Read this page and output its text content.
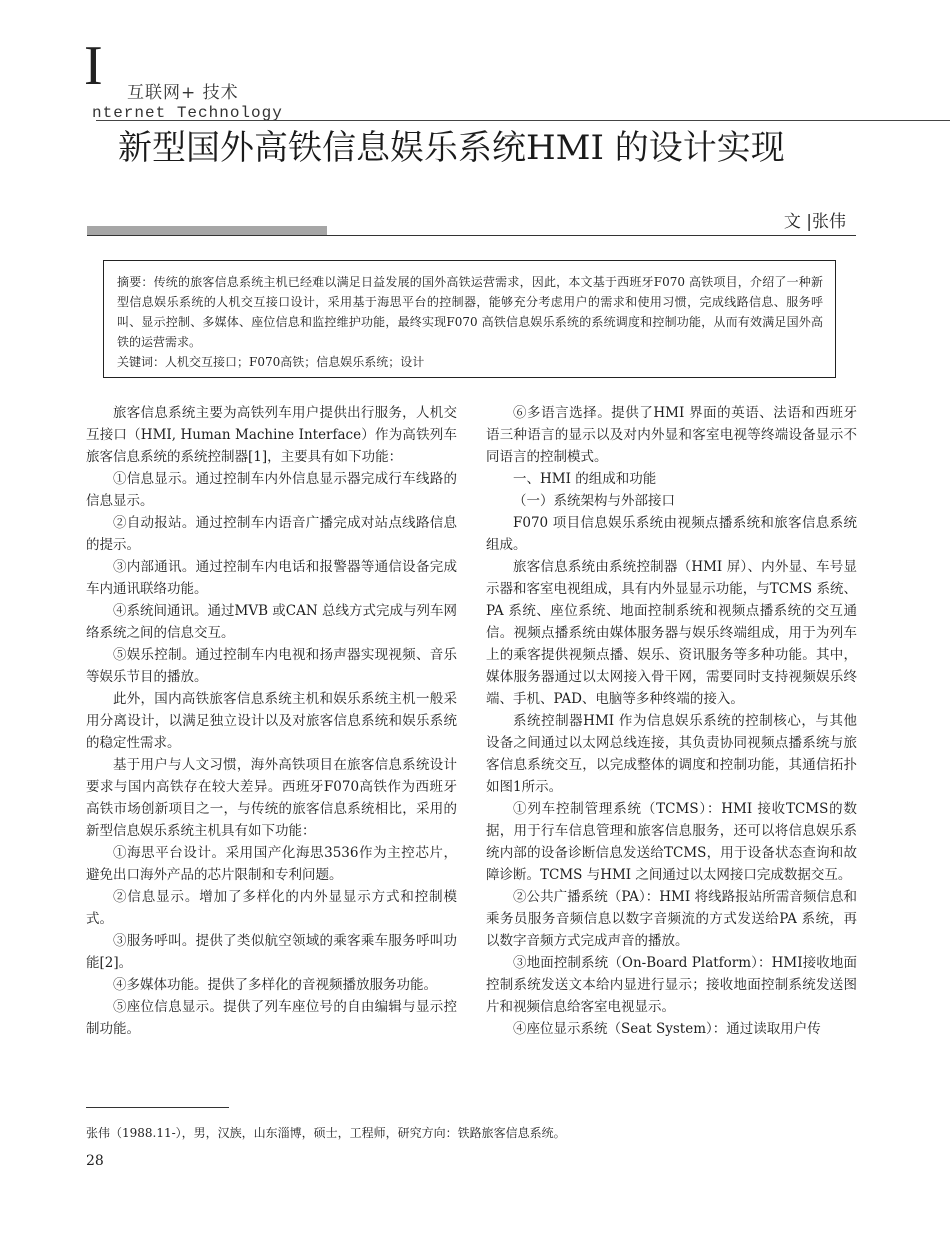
I 互联网+ 技术
nternet Technology
新型国外高铁信息娱乐系统HMI 的设计实现
文 |张伟

摘要：传统的旅客信息系统主机已经难以满足日益发展的国外高铁运营需求，因此，本文基于西班牙F070 高铁项目，介绍了一种新型信息娱乐系统的人机交互接口设计，采用基于海思平台的控制器，能够充分考虑用户的需求和使用习惯，完成线路信息、服务呼叫、显示控制、多媒体、座位信息和监控维护功能，最终实现F070 高铁信息娱乐系统的系统调度和控制功能，从而有效满足国外高铁的运营需求。

关键词：人机交互接口；F070高铁；信息娱乐系统；设计

旅客信息系统主要为高铁列车用户提供出行服务，人机交互接口（HMI, Human Machine Interface）作为高铁列车旅客信息系统的系统控制器[1]，主要具有如下功能：

①信息显示。通过控制车内外信息显示器完成行车线路的信息显示。

②自动报站。通过控制车内语音广播完成对站点线路信息的提示。

③内部通讯。通过控制车内电话和报警器等通信设备完成车内通讯联络功能。

④系统间通讯。通过MVB 或CAN 总线方式完成与列车网络系统之间的信息交互。

⑤娱乐控制。通过控制车内电视和扬声器实现视频、音乐等娱乐节目的播放。

此外，国内高铁旅客信息系统主机和娱乐系统主机一般采用分离设计，以满足独立设计以及对旅客信息系统和娱乐系统的稳定性需求。

基于用户与人文习惯，海外高铁项目在旅客信息系统设计要求与国内高铁存在较大差异。西班牙F070高铁作为西班牙高铁市场创新项目之一，与传统的旅客信息系统相比，采用的新型信息娱乐系统主机具有如下功能：

①海思平台设计。采用国产化海思3536作为主控芯片，避免出口海外产品的芯片限制和专利问题。

②信息显示。增加了多样化的内外显显示方式和控制模式。

③服务呼叫。提供了类似航空领域的乘客乘车服务呼叫功能[2]。

④多媒体功能。提供了多样化的音视频播放服务功能。

⑤座位信息显示。提供了列车座位号的自由编辑与显示控制功能。

⑥多语言选择。提供了HMI 界面的英语、法语和西班牙语三种语言的显示以及对内外显和客室电视等终端设备显示不同语言的控制模式。

一、HMI 的组成和功能

（一）系统架构与外部接口

F070 项目信息娱乐系统由视频点播系统和旅客信息系统组成。

旅客信息系统由系统控制器（HMI 屏）、内外显、车号显示器和客室电视组成，具有内外显显示功能，与TCMS 系统、PA 系统、座位系统、地面控制系统和视频点播系统的交互通信。视频点播系统由媒体服务器与娱乐终端组成，用于为列车上的乘客提供视频点播、娱乐、资讯服务等多种功能。其中，媒体服务器通过以太网接入骨干网，需要同时支持视频娱乐终端、手机、PAD、电脑等多种终端的接入。

系统控制器HMI 作为信息娱乐系统的控制核心，与其他设备之间通过以太网总线连接，其负责协同视频点播系统与旅客信息系统交互，以完成整体的调度和控制功能，其通信拓扑如图1所示。

①列车控制管理系统（TCMS）：HMI 接收TCMS的数据，用于行车信息管理和旅客信息服务，还可以将信息娱乐系统内部的设备诊断信息发送给TCMS，用于设备状态查询和故障诊断。TCMS 与HMI 之间通过以太网接口完成数据交互。

②公共广播系统（PA）：HMI 将线路报站所需音频信息和乘务员服务音频信息以数字音频流的方式发送给PA 系统，再以数字音频方式完成声音的播放。

③地面控制系统（On-Board Platform）：HMI接收地面控制系统发送文本给内显进行显示；接收地面控制系统发送图片和视频信息给客室电视显示。

④座位显示系统（Seat System）：通过读取用户传

张伟（1988.11-），男，汉族，山东淄博，硕士，工程师，研究方向：铁路旅客信息系统。
28
